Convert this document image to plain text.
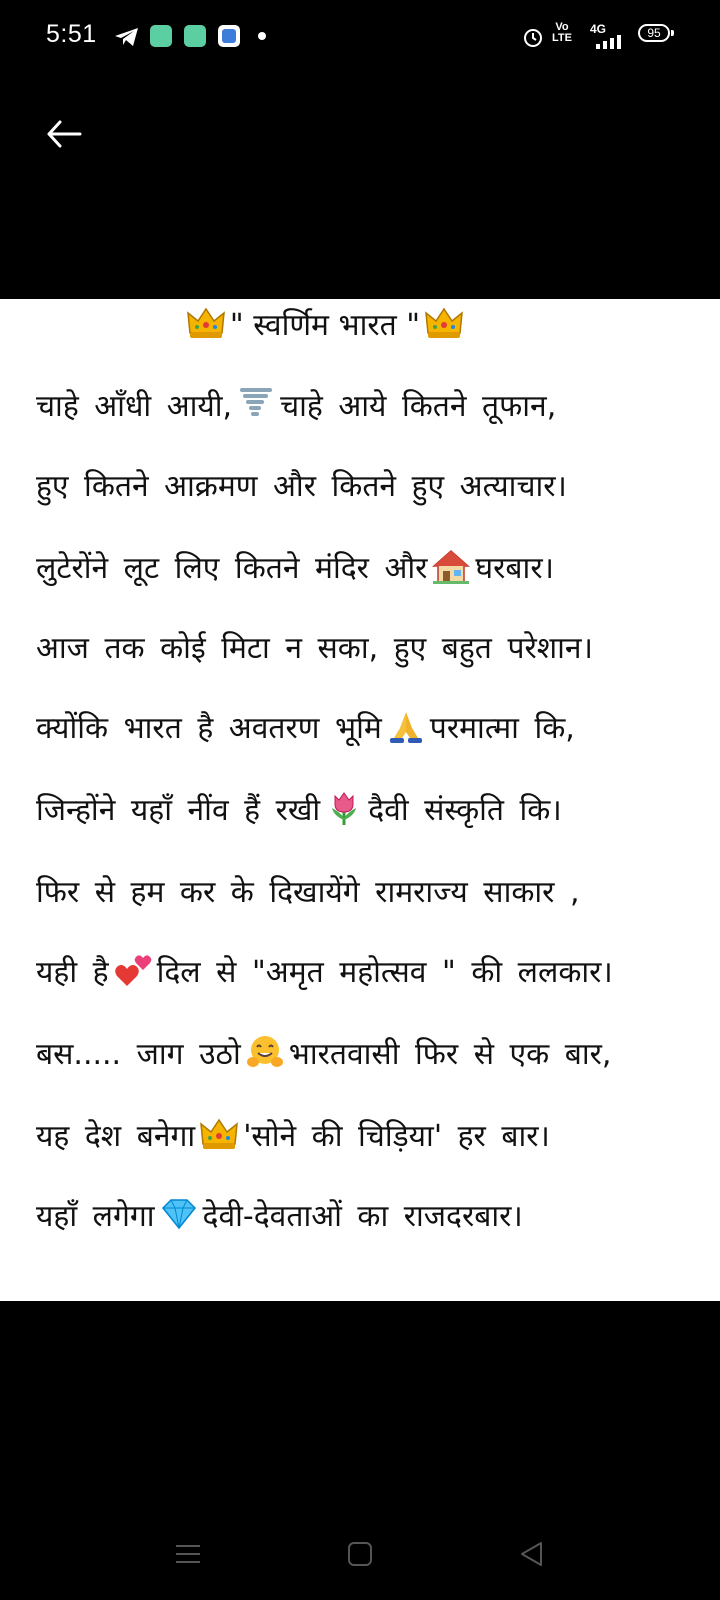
5:51	Vo
LTE
4G	95
" स्वर्णिम भारत "
चाहे आँधी आयी, चाहे आये कितने तूफान,
हुए कितने आक्रमण और कितने हुए अत्याचार।
लुटेरोंने लूट लिए कितने मंदिर और घरबार।
आज तक कोई मिटा न सका, हुए बहुत परेशान।
क्योंकि भारत है अवतरण भूमि परमात्मा कि,
जिन्होंने यहाँ नींव हैं रखी दैवी संस्कृति कि।
फिर से हम कर के दिखायेंगे रामराज्य साकार ,
यही है दिल से "अमृत महोत्सव " की ललकार।
बस..... जाग उठो भारतवासी फिर से एक बार,
यह देश बनेगा 'सोने की चिड़िया' हर बार।
यहाँ लगेगा देवी-देवताओं का राजदरबार।
